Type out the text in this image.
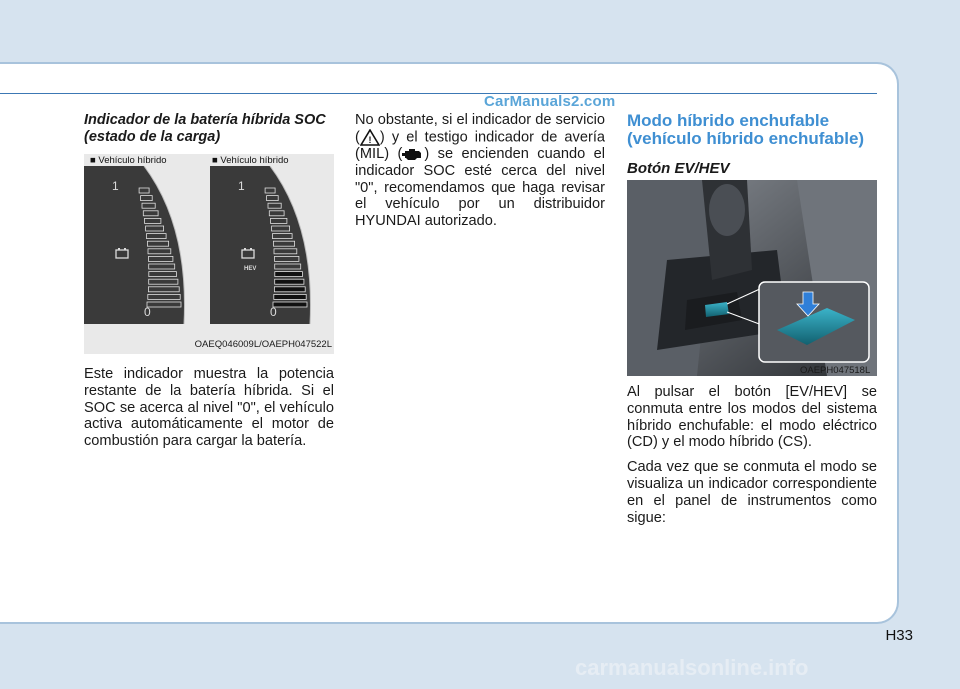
CarManuals2.com
Indicador de la batería híbrida SOC (estado de la carga)
■ Vehículo híbrido	■ Vehículo híbrido
1
0
1
0
HEV
OAEQ046009L/OAEPH047522L

Este indicador muestra la potencia restante de la batería híbrida. Si el SOC se acerca al nivel "0", el vehículo activa automáticamente el motor de combustión para cargar la batería.

No obstante, si el indicador de servicio ( ! ) y el testigo indicador de avería (MIL) ( ) se encienden cuando el indicador SOC esté cerca del nivel "0", recomendamos que haga revisar el vehículo por un distribuidor HYUNDAI autorizado.

Modo híbrido enchufable (vehículo híbrido enchufable)
Botón EV/HEV
OAEPH047518L

Al pulsar el botón [EV/HEV] se conmuta entre los modos del sistema híbrido enchufable: el modo eléctrico (CD) y el modo híbrido (CS).

Cada vez que se conmuta el modo se visualiza un indicador correspondiente en el panel de instrumentos como sigue:

H33
carmanualsonline.info
